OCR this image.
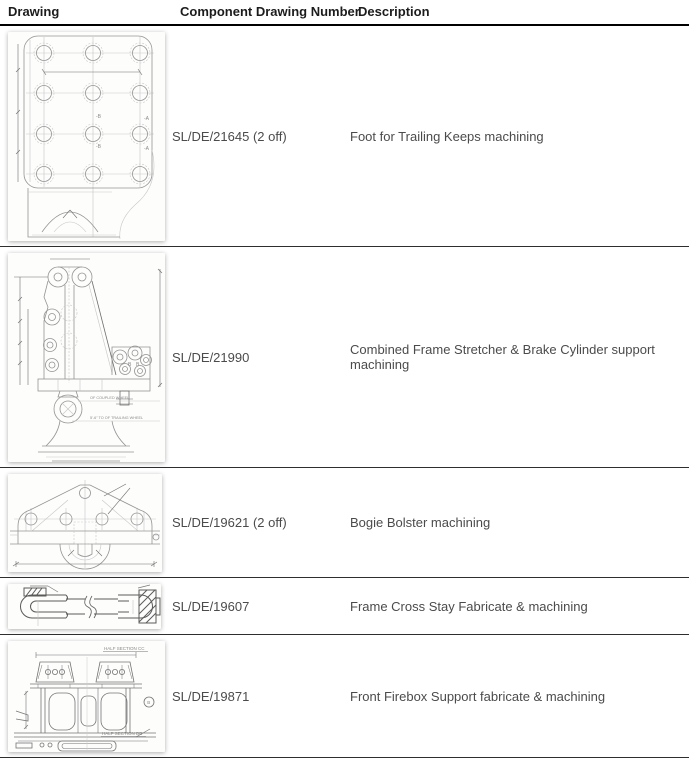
Drawing	Component Drawing Number	Description

-B
-B
-A
-A	SL/DE/21645 (2 off)	Foot for Trailing Keeps machining

B B
OF COUPLED WHEEL
5'-6" TO OF TRAILING WHEEL	SL/DE/21990	Combined Frame Stretcher & Brake Cylinder support machining

	SL/DE/19621 (2 off)	Bogie Bolster machining

	SL/DE/19607	Frame Cross Stay Fabricate & machining

HALF SECTION CC
HALF SECTION DD
B	SL/DE/19871	Front Firebox Support fabricate & machining
